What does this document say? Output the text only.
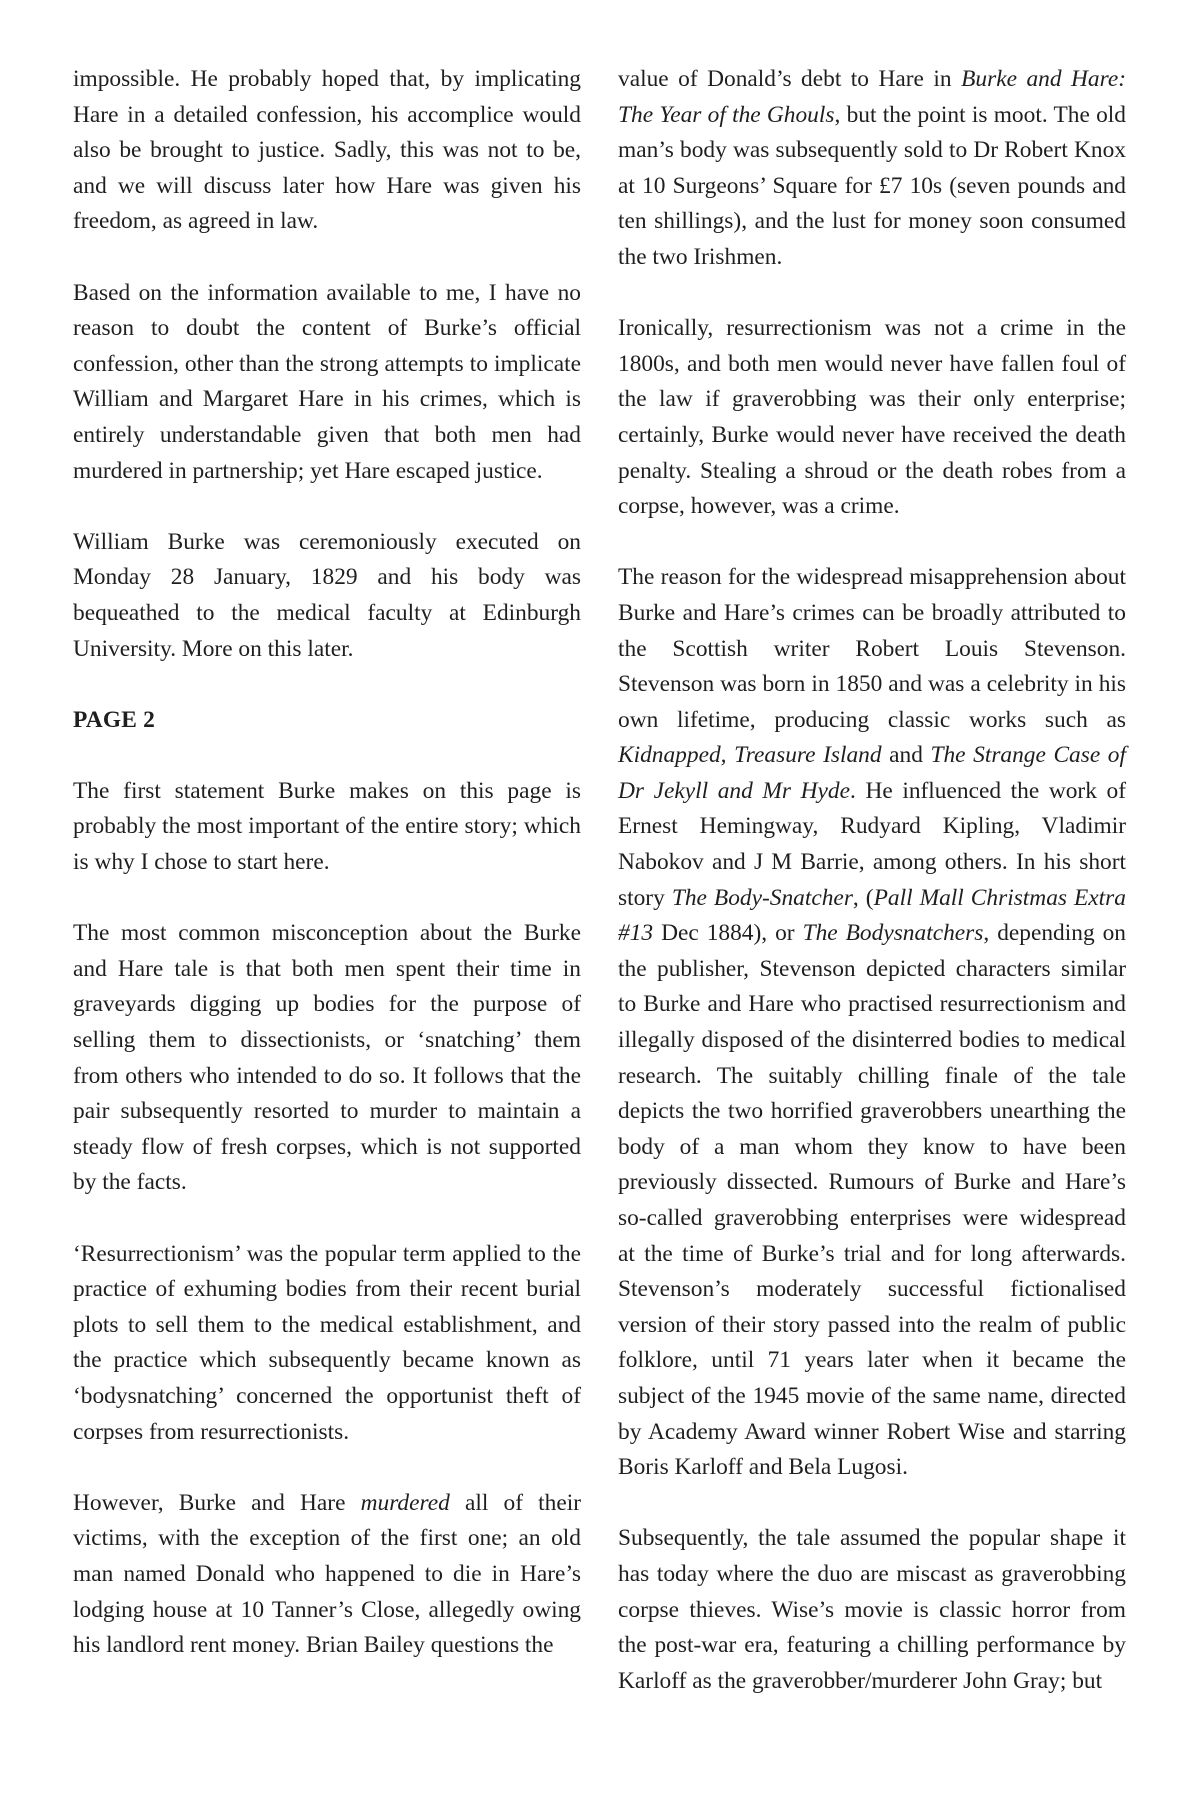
impossible. He probably hoped that, by implicating Hare in a detailed confession, his accomplice would also be brought to justice. Sadly, this was not to be, and we will discuss later how Hare was given his freedom, as agreed in law.

Based on the information available to me, I have no reason to doubt the content of Burke’s official confession, other than the strong attempts to implicate William and Margaret Hare in his crimes, which is entirely understandable given that both men had murdered in partnership; yet Hare escaped justice.

William Burke was ceremoniously executed on Monday 28 January, 1829 and his body was bequeathed to the medical faculty at Edinburgh University. More on this later.

PAGE 2

The first statement Burke makes on this page is probably the most important of the entire story; which is why I chose to start here.

The most common misconception about the Burke and Hare tale is that both men spent their time in graveyards digging up bodies for the purpose of selling them to dissectionists, or ‘snatching’ them from others who intended to do so. It follows that the pair subsequently resorted to murder to maintain a steady flow of fresh corpses, which is not supported by the facts.

‘Resurrectionism’ was the popular term applied to the practice of exhuming bodies from their recent burial plots to sell them to the medical establishment, and the practice which subsequently became known as ‘bodysnatching’ concerned the opportunist theft of corpses from resurrectionists.

However, Burke and Hare murdered all of their victims, with the exception of the first one; an old man named Donald who happened to die in Hare’s lodging house at 10 Tanner’s Close, allegedly owing his landlord rent money. Brian Bailey questions the

value of Donald’s debt to Hare in Burke and Hare: The Year of the Ghouls, but the point is moot. The old man’s body was subsequently sold to Dr Robert Knox at 10 Surgeons’ Square for £7 10s (seven pounds and ten shillings), and the lust for money soon consumed the two Irishmen.

Ironically, resurrectionism was not a crime in the 1800s, and both men would never have fallen foul of the law if graverobbing was their only enterprise; certainly, Burke would never have received the death penalty. Stealing a shroud or the death robes from a corpse, however, was a crime.

The reason for the widespread misapprehension about Burke and Hare’s crimes can be broadly attributed to the Scottish writer Robert Louis Stevenson. Stevenson was born in 1850 and was a celebrity in his own lifetime, producing classic works such as Kidnapped, Treasure Island and The Strange Case of Dr Jekyll and Mr Hyde. He influenced the work of Ernest Hemingway, Rudyard Kipling, Vladimir Nabokov and J M Barrie, among others. In his short story The Body-Snatcher, (Pall Mall Christmas Extra #13 Dec 1884), or The Bodysnatchers, depending on the publisher, Stevenson depicted characters similar to Burke and Hare who practised resurrectionism and illegally disposed of the disinterred bodies to medical research. The suitably chilling finale of the tale depicts the two horrified graverobbers unearthing the body of a man whom they know to have been previously dissected. Rumours of Burke and Hare’s so-called graverobbing enterprises were widespread at the time of Burke’s trial and for long afterwards. Stevenson’s moderately successful fictionalised version of their story passed into the realm of public folklore, until 71 years later when it became the subject of the 1945 movie of the same name, directed by Academy Award winner Robert Wise and starring Boris Karloff and Bela Lugosi.

Subsequently, the tale assumed the popular shape it has today where the duo are miscast as graverobbing corpse thieves. Wise’s movie is classic horror from the post-war era, featuring a chilling performance by Karloff as the graverobber/murderer John Gray; but
